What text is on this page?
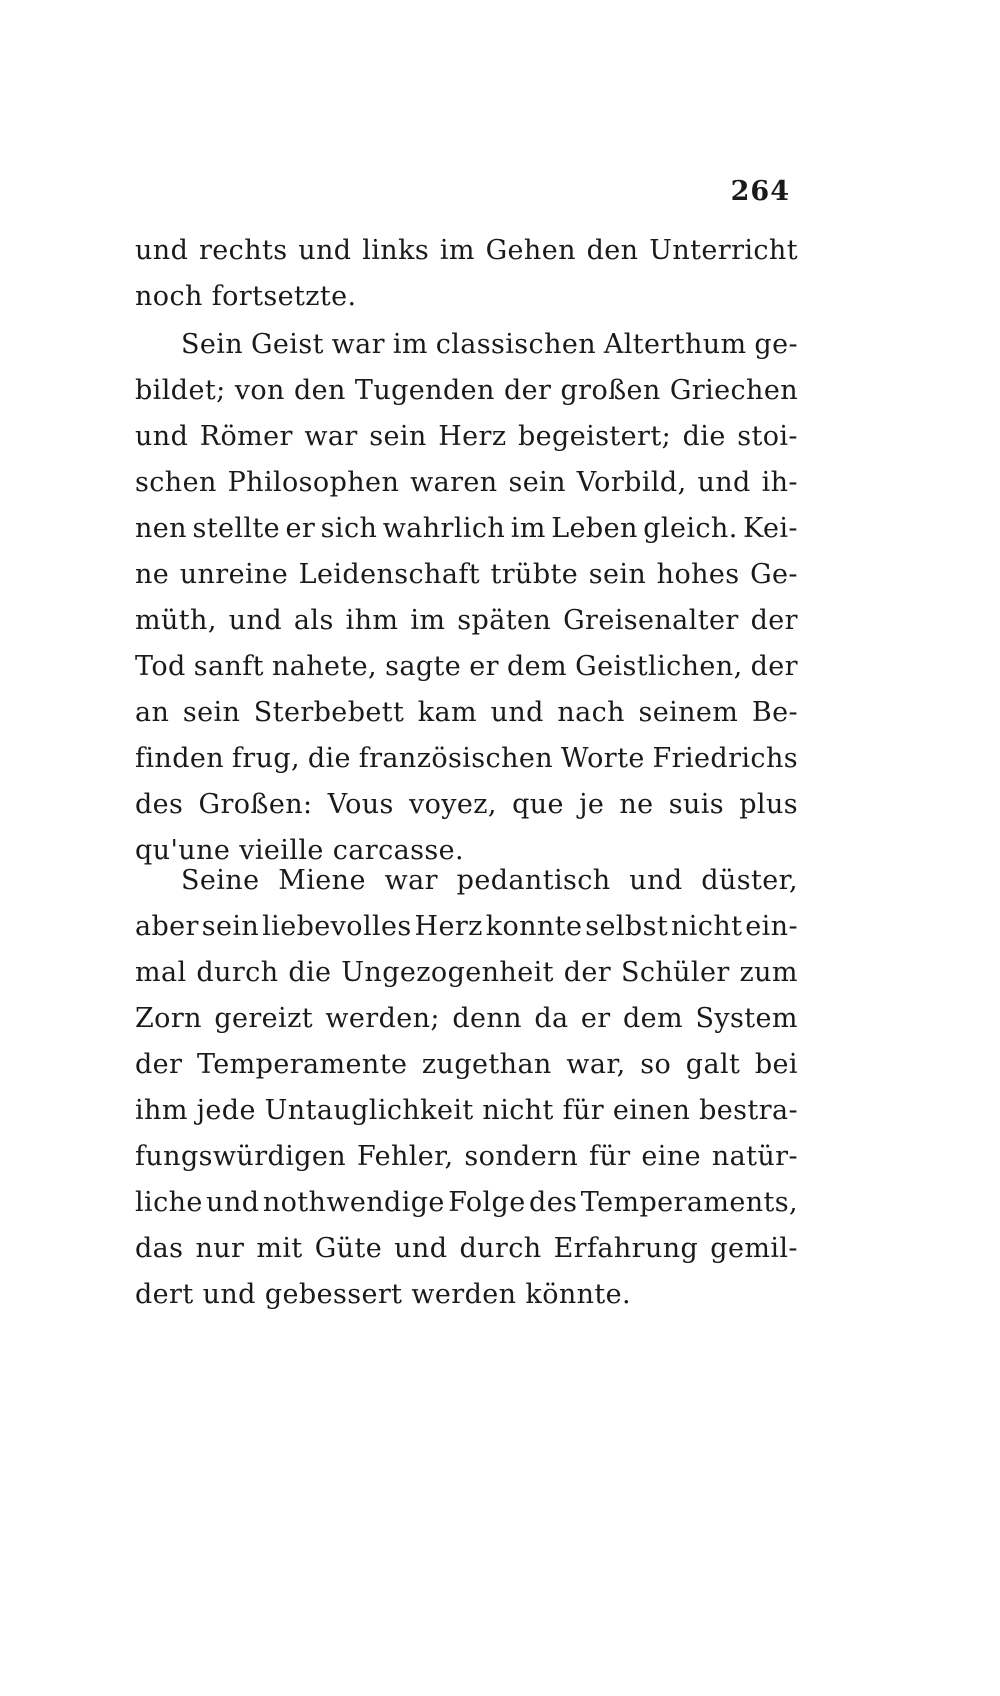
264
und rechts und links im Gehen den Unterricht
noch fortsetzte.
Sein Geist war im classischen Alterthum ge-
bildet; von den Tugenden der großen Griechen
und Römer war sein Herz begeistert; die stoi-
schen Philosophen waren sein Vorbild, und ih-
nen stellte er sich wahrlich im Leben gleich. Kei-
ne unreine Leidenschaft trübte sein hohes Ge-
müth, und als ihm im späten Greisenalter der
Tod sanft nahete, sagte er dem Geistlichen, der
an sein Sterbebett kam und nach seinem Be-
finden frug, die französischen Worte Friedrichs
des Großen: Vous voyez, que je ne suis plus
qu'une vieille carcasse.
Seine Miene war pedantisch und düster,
aber sein liebevolles Herz konnte selbst nicht ein-
mal durch die Ungezogenheit der Schüler zum
Zorn gereizt werden; denn da er dem System
der Temperamente zugethan war, so galt bei
ihm jede Untauglichkeit nicht für einen bestra-
fungswürdigen Fehler, sondern für eine natür-
liche und nothwendige Folge des Temperaments,
das nur mit Güte und durch Erfahrung gemil-
dert und gebessert werden könnte.
